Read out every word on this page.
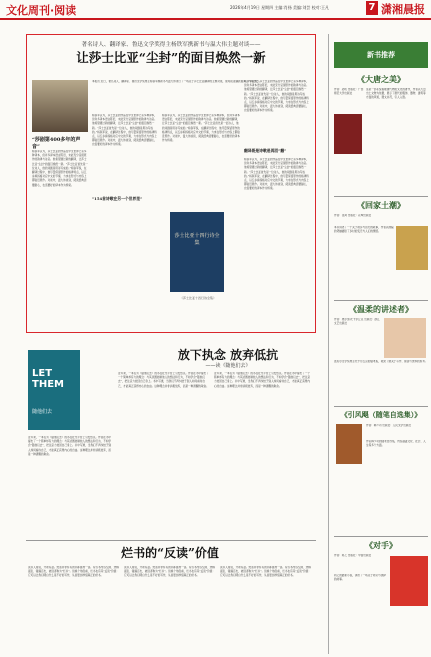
文化周刊·阅读	2026年4月19日 星期四 主编:肖扬 美编:刘芸 校对:王凡	7 潇湘晨报
著名诗人、翻译家、鲁迅文学奖得主杨铁军携新书与温大伟主题对谈——
让莎士比亚“尘封”的面目焕然一新
“莎剧第400多年的声音”
本报讯 近日，著名诗人、翻译家、鲁迅文学奖得主杨铁军携新书与温大伟进行了一场关于莎士比亚翻译的主题对谈，现场读者踊跃提问，气氛热烈。
杨铁军认为，莎士比亚的作品在中文世界已有多种译本，但许多译本语言陈旧，未能充分呈现原作的韵律与诗意。他希望通过新的翻译，让莎士比亚“尘封”的面目焕然一新。“莎士比亚首先是一位诗人，他的戏剧是用诗写成的。”杨铁军说，在翻译过程中，他尽量保留原作的格律特点，以五步抑扬格对应中文的节奏，力求在形式与内容上都贴近原作。对谈中，温大伟谈到，阅读经典需要耐心，也需要好的译本作为桥梁。
杨铁军认为，莎士比亚的作品在中文世界已有多种译本，但许多译本语言陈旧，未能充分呈现原作的韵律与诗意。他希望通过新的翻译，让莎士比亚“尘封”的面目焕然一新。“莎士比亚首先是一位诗人，他的戏剧是用诗写成的。”杨铁军说，在翻译过程中，他尽量保留原作的格律特点，以五步抑扬格对应中文的节奏，力求在形式与内容上都贴近原作。对谈中，温大伟谈到，阅读经典需要耐心，也需要好的译本作为桥梁。
“154首诗歌在另一个世界里”
杨铁军认为，莎士比亚的作品在中文世界已有多种译本，但许多译本语言陈旧，未能充分呈现原作的韵律与诗意。他希望通过新的翻译，让莎士比亚“尘封”的面目焕然一新。“莎士比亚首先是一位诗人，他的戏剧是用诗写成的。”杨铁军说，在翻译过程中，他尽量保留原作的格律特点，以五步抑扬格对应中文的节奏，力求在形式与内容上都贴近原作。对谈中，温大伟谈到，阅读经典需要耐心，也需要好的译本作为桥梁。
莎士比亚十四行诗全集
《莎士比亚十四行诗全集》
杨铁军认为，莎士比亚的作品在中文世界已有多种译本，但许多译本语言陈旧，未能充分呈现原作的韵律与诗意。他希望通过新的翻译，让莎士比亚“尘封”的面目焕然一新。“莎士比亚首先是一位诗人，他的戏剧是用诗写成的。”杨铁军说，在翻译过程中，他尽量保留原作的格律特点，以五步抑扬格对应中文的节奏，力求在形式与内容上都贴近原作。对谈中，温大伟谈到，阅读经典需要耐心，也需要好的译本作为桥梁。
翻译既是诗歌是再回“翻”
杨铁军认为，莎士比亚的作品在中文世界已有多种译本，但许多译本语言陈旧，未能充分呈现原作的韵律与诗意。他希望通过新的翻译，让莎士比亚“尘封”的面目焕然一新。“莎士比亚首先是一位诗人，他的戏剧是用诗写成的。”杨铁军说，在翻译过程中，他尽量保留原作的格律特点，以五步抑扬格对应中文的节奏，力求在形式与内容上都贴近原作。对谈中，温大伟谈到，阅读经典需要耐心，也需要好的译本作为桥梁。
LET THEM
随他们去
放下执念 放弃低抗
——读《随他们去》
近年来，一本名为《随他们去》的书在社交平台上引发热议。作者在书中提出了一个简单却有力的理念：与其试图控制他人的想法和行为，不如学会“随他们去”，把注意力放回自己身上。书中写道，当我们不再纠结于别人如何看待自己，才能真正获得内心的自由。这种理念并非消极放弃，而是一种清醒的取舍。
近年来，一本名为《随他们去》的书在社交平台上引发热议。作者在书中提出了一个简单却有力的理念：与其试图控制他人的想法和行为，不如学会“随他们去”，把注意力放回自己身上。书中写道，当我们不再纠结于别人如何看待自己，才能真正获得内心的自由。这种理念并非消极放弃，而是一种清醒的取舍。
近年来，一本名为《随他们去》的书在社交平台上引发热议。作者在书中提出了一个简单却有力的理念：与其试图控制他人的想法和行为，不如学会“随他们去”，把注意力放回自己身上。书中写道，当我们不再纠结于别人如何看待自己，才能真正获得内心的自由。这种理念并非消极放弃，而是一种清醒的取舍。
烂书的“反读”价值
读书人常说，开卷有益。然而并非所有的书都值得一读。有些书内容空洞、逻辑混乱、错漏百出，被读者称为“烂书”。但换个角度看，烂书也有其“反读”价值：它可以让我们明白什么是不好的写作，从而更加珍惜真正的好书。
读书人常说，开卷有益。然而并非所有的书都值得一读。有些书内容空洞、逻辑混乱、错漏百出，被读者称为“烂书”。但换个角度看，烂书也有其“反读”价值：它可以让我们明白什么是不好的写作，从而更加珍惜真正的好书。
读书人常说，开卷有益。然而并非所有的书都值得一读。有些书内容空洞、逻辑混乱、错漏百出，被读者称为“烂书”。但换个角度看，烂书也有其“反读”价值：它可以让我们明白什么是不好的写作，从而更加珍惜真正的好书。
新书推荐
《大唐之美》
作者：孙机 出版社：广西师范大学出版社
这是一部系统梳理唐代物质文化的著作，作者以大量出土文物为依据，展示了唐代的服饰、器物、建筑等方面的风貌，图文并茂，引人入胜。
《回家土潮》
作者：张鸿 出版社：花城出版社
本书讲述了一个关于故乡与回归的故事，作者以细腻的笔触描绘了乡村的变迁与人们的情感。
《温柔的讲述者》
作者：奥尔加·托卡尔丘克 出版社：浙江文艺出版社
诺贝尔文学奖得主托卡尔丘克的随笔集，收录了她关于写作、阅读与世界的思考。
《引风飓（随笔自选集）》
作者：韩少功 出版社：人民文学出版社
作家韩少功的随笔自选集，内容涵盖文化、社会、人生等多个方面。
《对手》
作者：阿乙 出版社：中信出版社
阿乙的最新小说，讲述了一场关于命运与抉择的故事。
